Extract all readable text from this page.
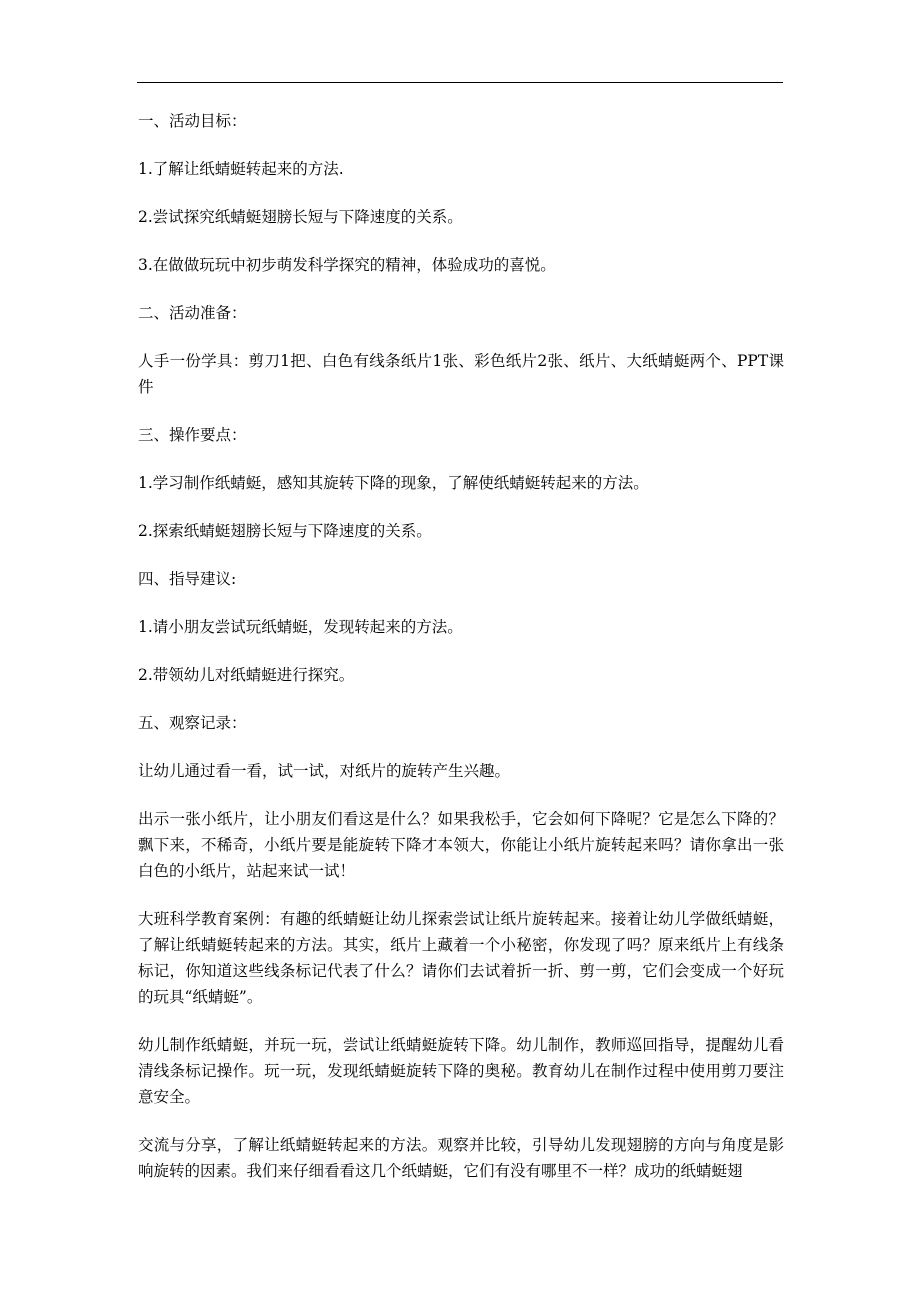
一、活动目标：

1.了解让纸蜻蜓转起来的方法.

2.尝试探究纸蜻蜓翅膀长短与下降速度的关系。

3.在做做玩玩中初步萌发科学探究的精神，体验成功的喜悦。

二、活动准备：

人手一份学具：剪刀1把、白色有线条纸片1张、彩色纸片2张、纸片、大纸蜻蜓两个、PPT课件

三、操作要点：

1.学习制作纸蜻蜓，感知其旋转下降的现象，了解使纸蜻蜓转起来的方法。

2.探索纸蜻蜓翅膀长短与下降速度的关系。

四、指导建议:

1.请小朋友尝试玩纸蜻蜓，发现转起来的方法。

2.带领幼儿对纸蜻蜓进行探究。

五、观察记录：

让幼儿通过看一看，试一试，对纸片的旋转产生兴趣。

出示一张小纸片，让小朋友们看这是什么？如果我松手，它会如何下降呢？它是怎么下降的？飘下来，不稀奇，小纸片要是能旋转下降才本领大，你能让小纸片旋转起来吗？请你拿出一张白色的小纸片，站起来试一试！

大班科学教育案例：有趣的纸蜻蜓让幼儿探索尝试让纸片旋转起来。接着让幼儿学做纸蜻蜓，了解让纸蜻蜓转起来的方法。其实，纸片上藏着一个小秘密，你发现了吗？原来纸片上有线条标记，你知道这些线条标记代表了什么？请你们去试着折一折、剪一剪，它们会变成一个好玩的玩具“纸蜻蜓”。

幼儿制作纸蜻蜓，并玩一玩，尝试让纸蜻蜓旋转下降。幼儿制作，教师巡回指导，提醒幼儿看清线条标记操作。玩一玩，发现纸蜻蜓旋转下降的奥秘。教育幼儿在制作过程中使用剪刀要注意安全。

交流与分享，了解让纸蜻蜓转起来的方法。观察并比较，引导幼儿发现翅膀的方向与角度是影响旋转的因素。我们来仔细看看这几个纸蜻蜓，它们有没有哪里不一样？成功的纸蜻蜓翅
